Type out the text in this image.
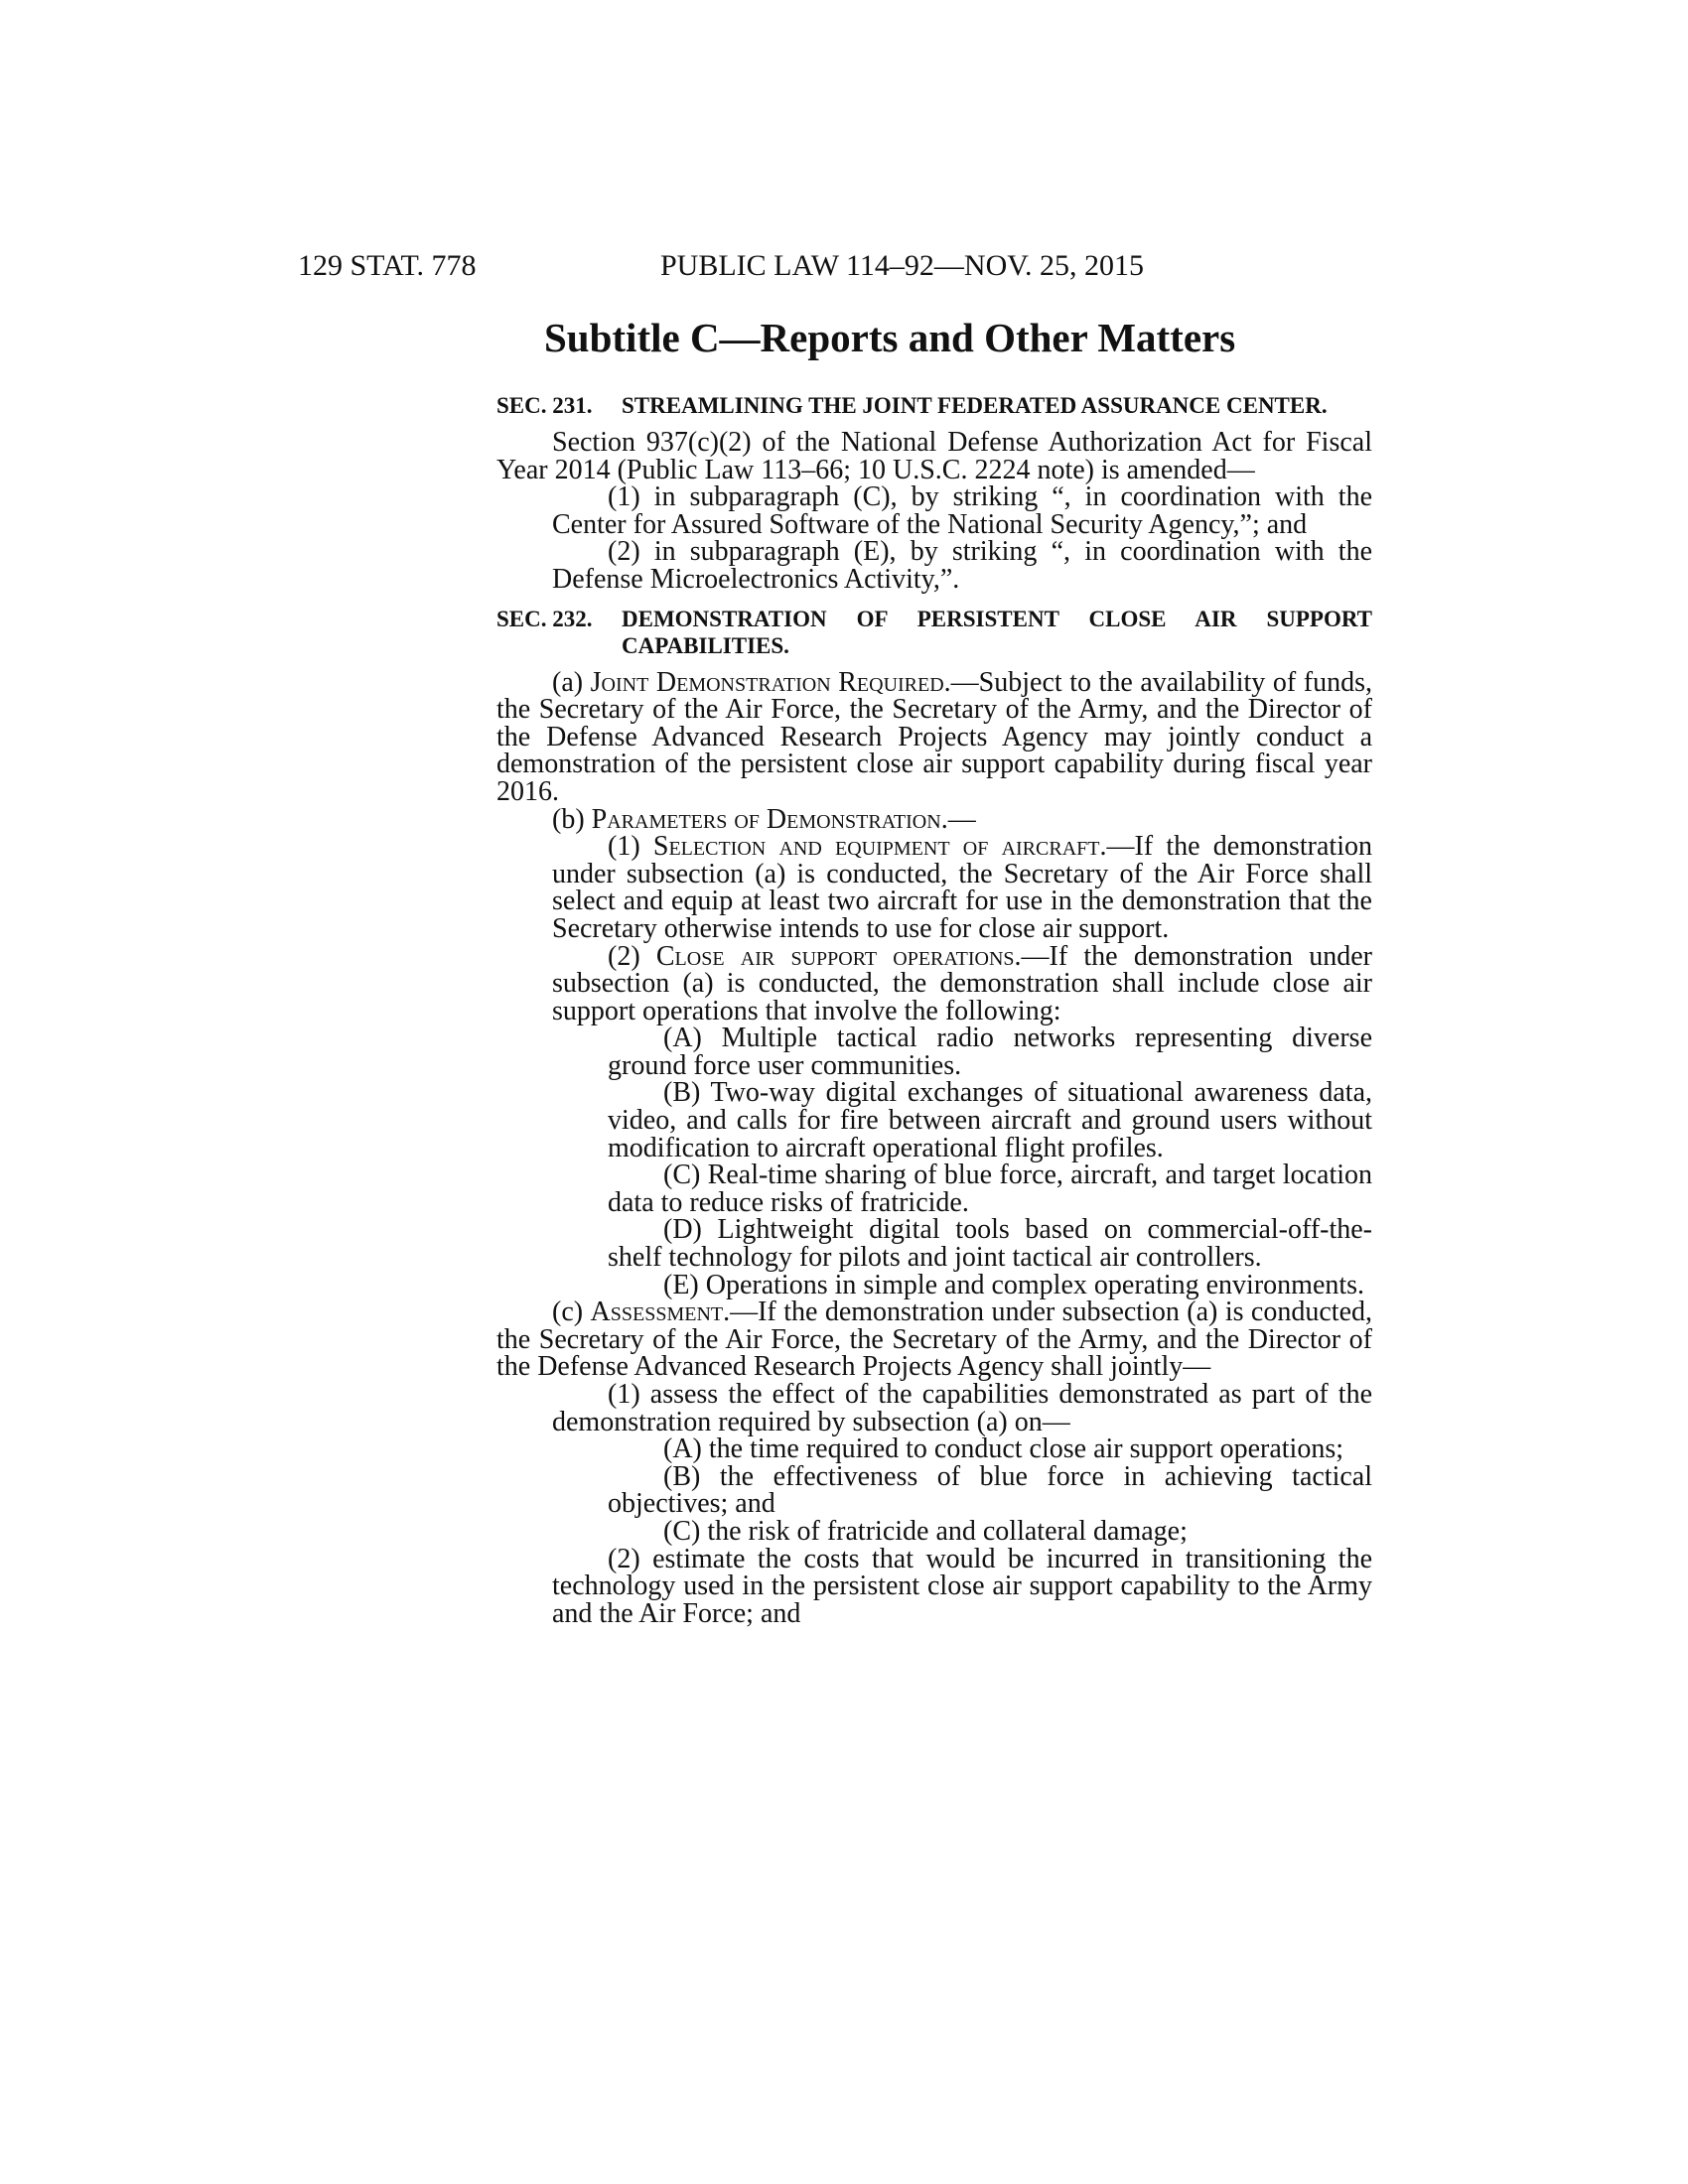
129 STAT. 778	PUBLIC LAW 114–92—NOV. 25, 2015
Subtitle C—Reports and Other Matters
SEC. 231. STREAMLINING THE JOINT FEDERATED ASSURANCE CENTER.

Section 937(c)(2) of the National Defense Authorization Act for Fiscal Year 2014 (Public Law 113–66; 10 U.S.C. 2224 note) is amended—

(1) in subparagraph (C), by striking “, in coordination with the Center for Assured Software of the National Security Agency,”; and

(2) in subparagraph (E), by striking “, in coordination with the Defense Microelectronics Activity,”.

SEC. 232. DEMONSTRATION OF PERSISTENT CLOSE AIR SUPPORT CAPABILITIES.

(a) Joint Demonstration Required.—Subject to the availability of funds, the Secretary of the Air Force, the Secretary of the Army, and the Director of the Defense Advanced Research Projects Agency may jointly conduct a demonstration of the persistent close air support capability during fiscal year 2016.

(b) Parameters of Demonstration.—

(1) Selection and equipment of aircraft.—If the demonstration under subsection (a) is conducted, the Secretary of the Air Force shall select and equip at least two aircraft for use in the demonstration that the Secretary otherwise intends to use for close air support.

(2) Close air support operations.—If the demonstration under subsection (a) is conducted, the demonstration shall include close air support operations that involve the following:

(A) Multiple tactical radio networks representing diverse ground force user communities.

(B) Two-way digital exchanges of situational awareness data, video, and calls for fire between aircraft and ground users without modification to aircraft operational flight profiles.

(C) Real-time sharing of blue force, aircraft, and target location data to reduce risks of fratricide.

(D) Lightweight digital tools based on commercial-off-the-shelf technology for pilots and joint tactical air controllers.

(E) Operations in simple and complex operating environments.

(c) Assessment.—If the demonstration under subsection (a) is conducted, the Secretary of the Air Force, the Secretary of the Army, and the Director of the Defense Advanced Research Projects Agency shall jointly—

(1) assess the effect of the capabilities demonstrated as part of the demonstration required by subsection (a) on—

(A) the time required to conduct close air support operations;

(B) the effectiveness of blue force in achieving tactical objectives; and

(C) the risk of fratricide and collateral damage;

(2) estimate the costs that would be incurred in transitioning the technology used in the persistent close air support capability to the Army and the Air Force; and
